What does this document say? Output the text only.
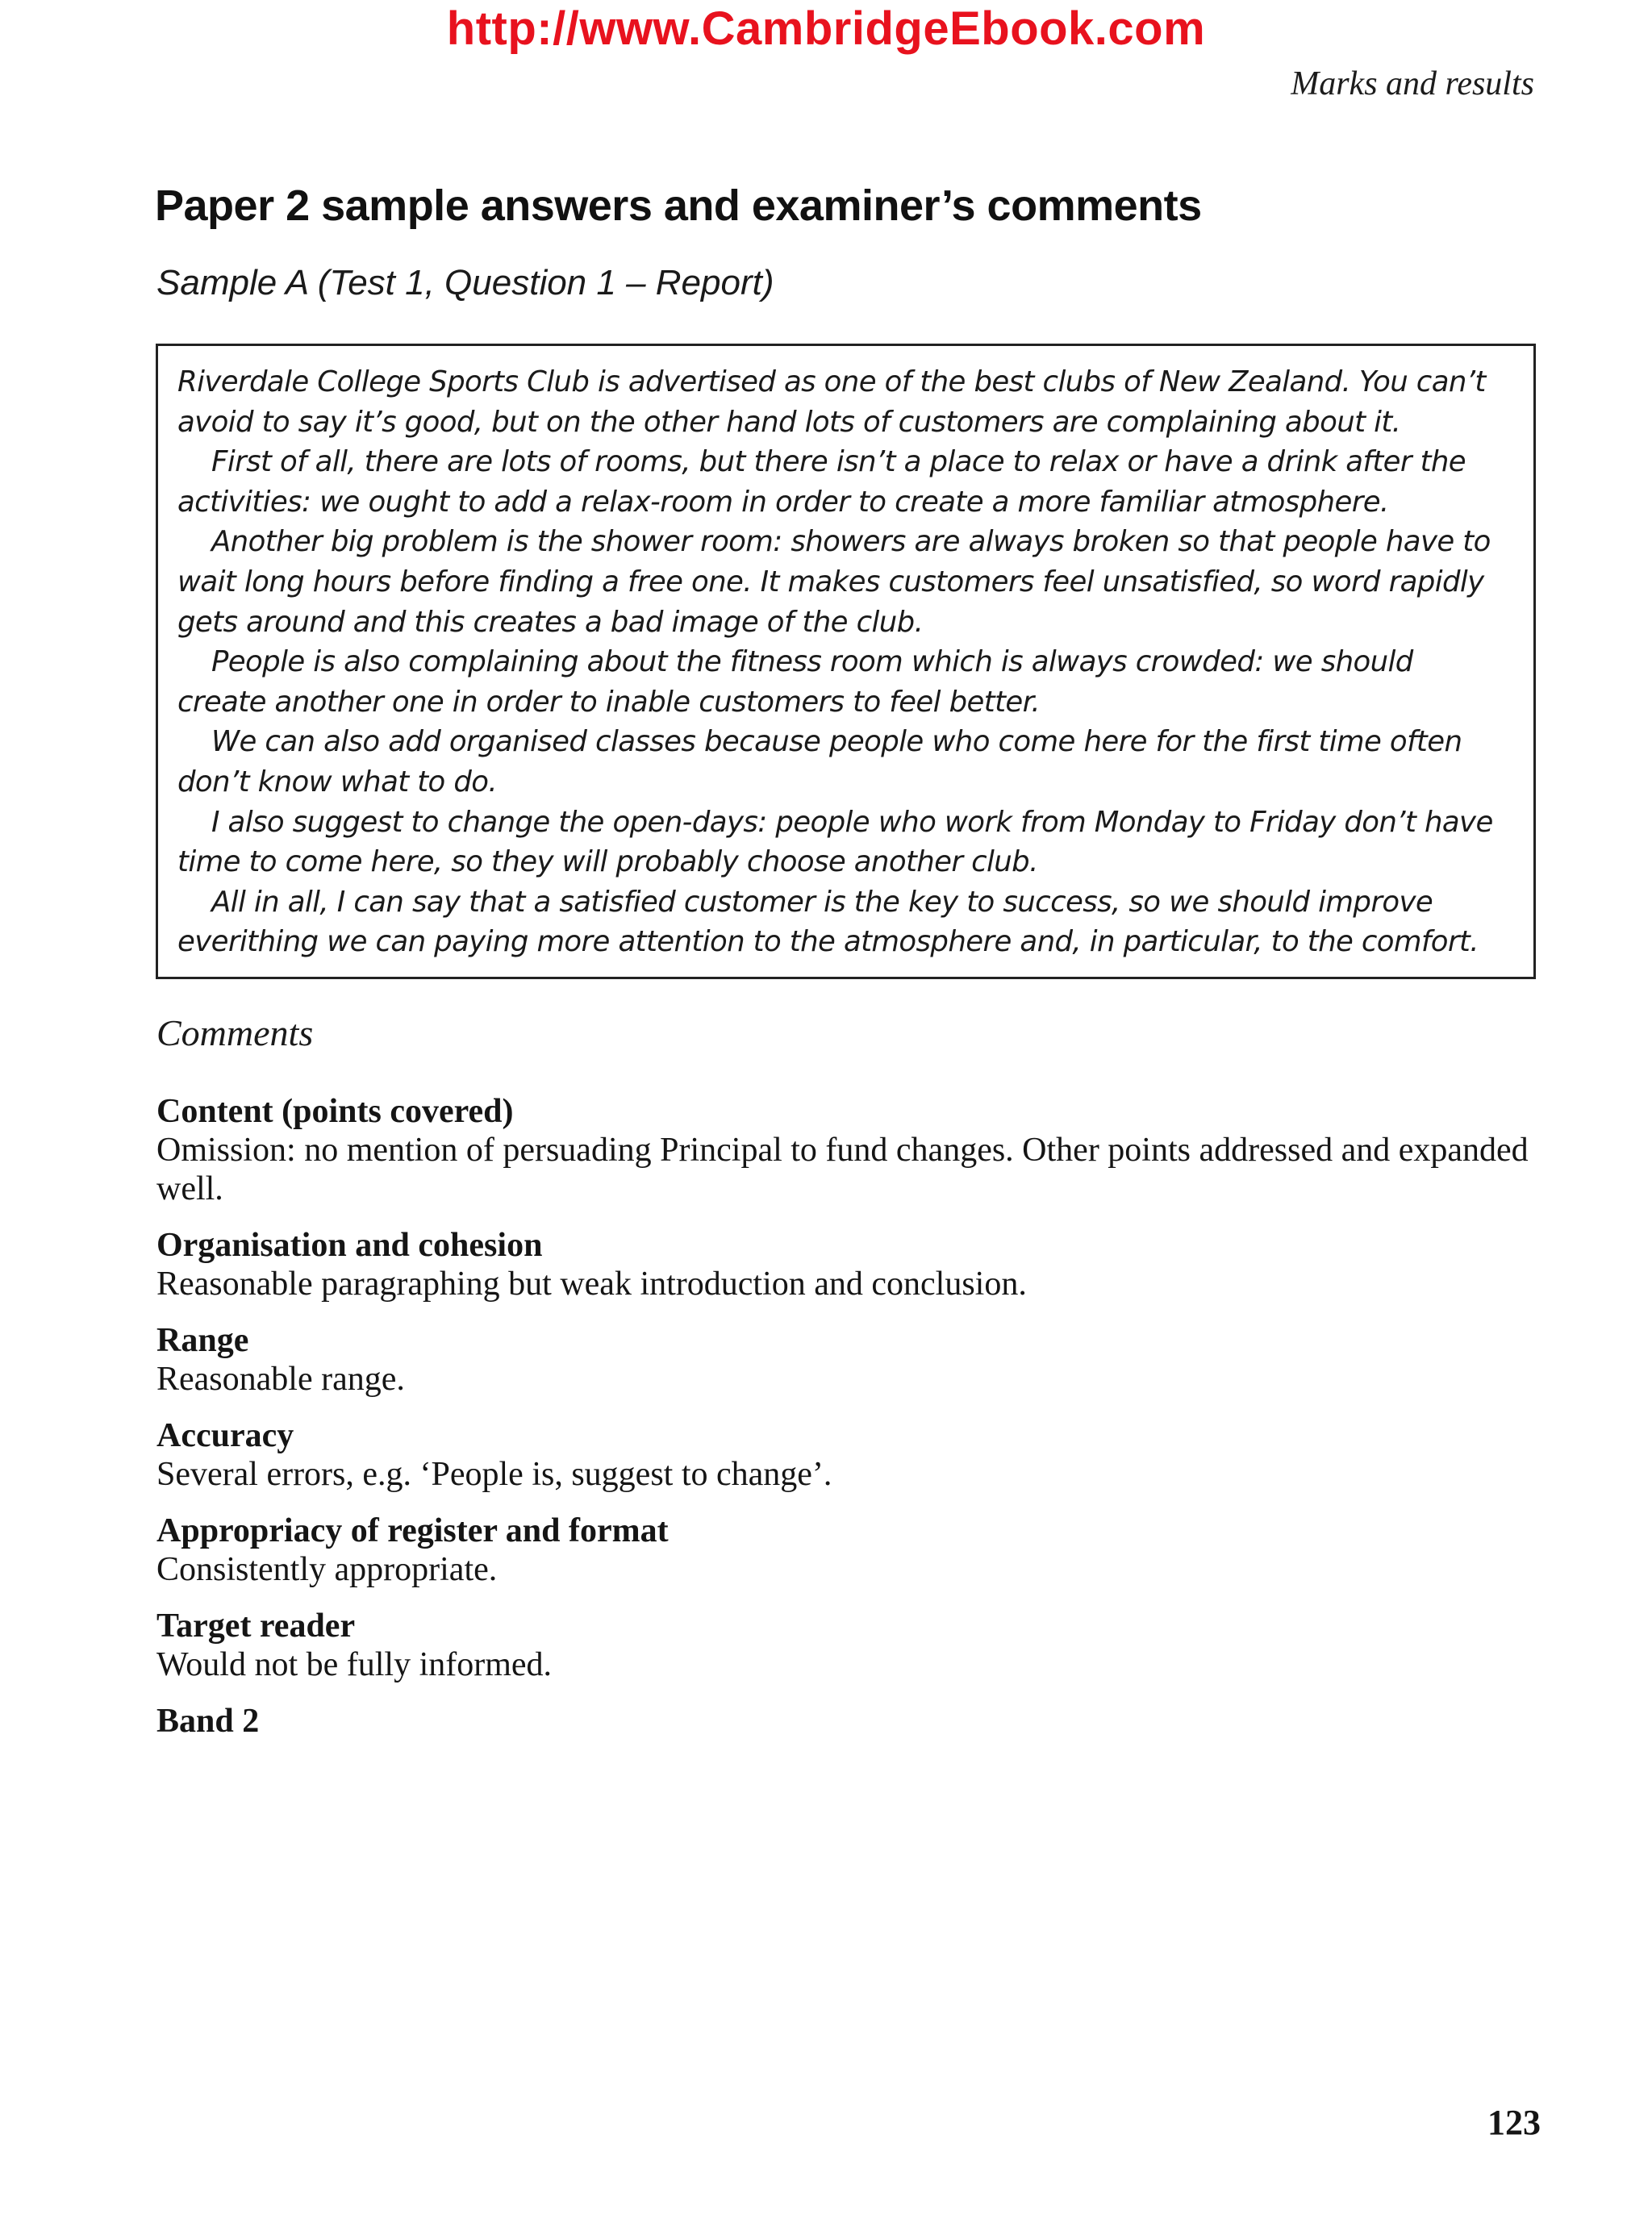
http://www.CambridgeEbook.com
Marks and results
Paper 2 sample answers and examiner’s comments
Sample A (Test 1, Question 1 – Report)

Riverdale College Sports Club is advertised as one of the best clubs of New Zealand. You can’t avoid to say it’s good, but on the other hand lots of customers are complaining about it.

First of all, there are lots of rooms, but there isn’t a place to relax or have a drink after the activities: we ought to add a relax-room in order to create a more familiar atmosphere.

Another big problem is the shower room: showers are always broken so that people have to wait long hours before finding a free one. It makes customers feel unsatisfied, so word rapidly gets around and this creates a bad image of the club.

People is also complaining about the fitness room which is always crowded: we should create another one in order to inable customers to feel better.

We can also add organised classes because people who come here for the first time often don’t know what to do.

I also suggest to change the open-days: people who work from Monday to Friday don’t have time to come here, so they will probably choose another club.

All in all, I can say that a satisfied customer is the key to success, so we should improve everithing we can paying more attention to the atmosphere and, in particular, to the comfort.

Comments
Content (points covered)
Omission: no mention of persuading Principal to fund changes. Other points addressed and expanded well.
Organisation and cohesion
Reasonable paragraphing but weak introduction and conclusion.
Range
Reasonable range.
Accuracy
Several errors, e.g. ‘People is, suggest to change’.
Appropriacy of register and format
Consistently appropriate.
Target reader
Would not be fully informed.
Band 2
123
